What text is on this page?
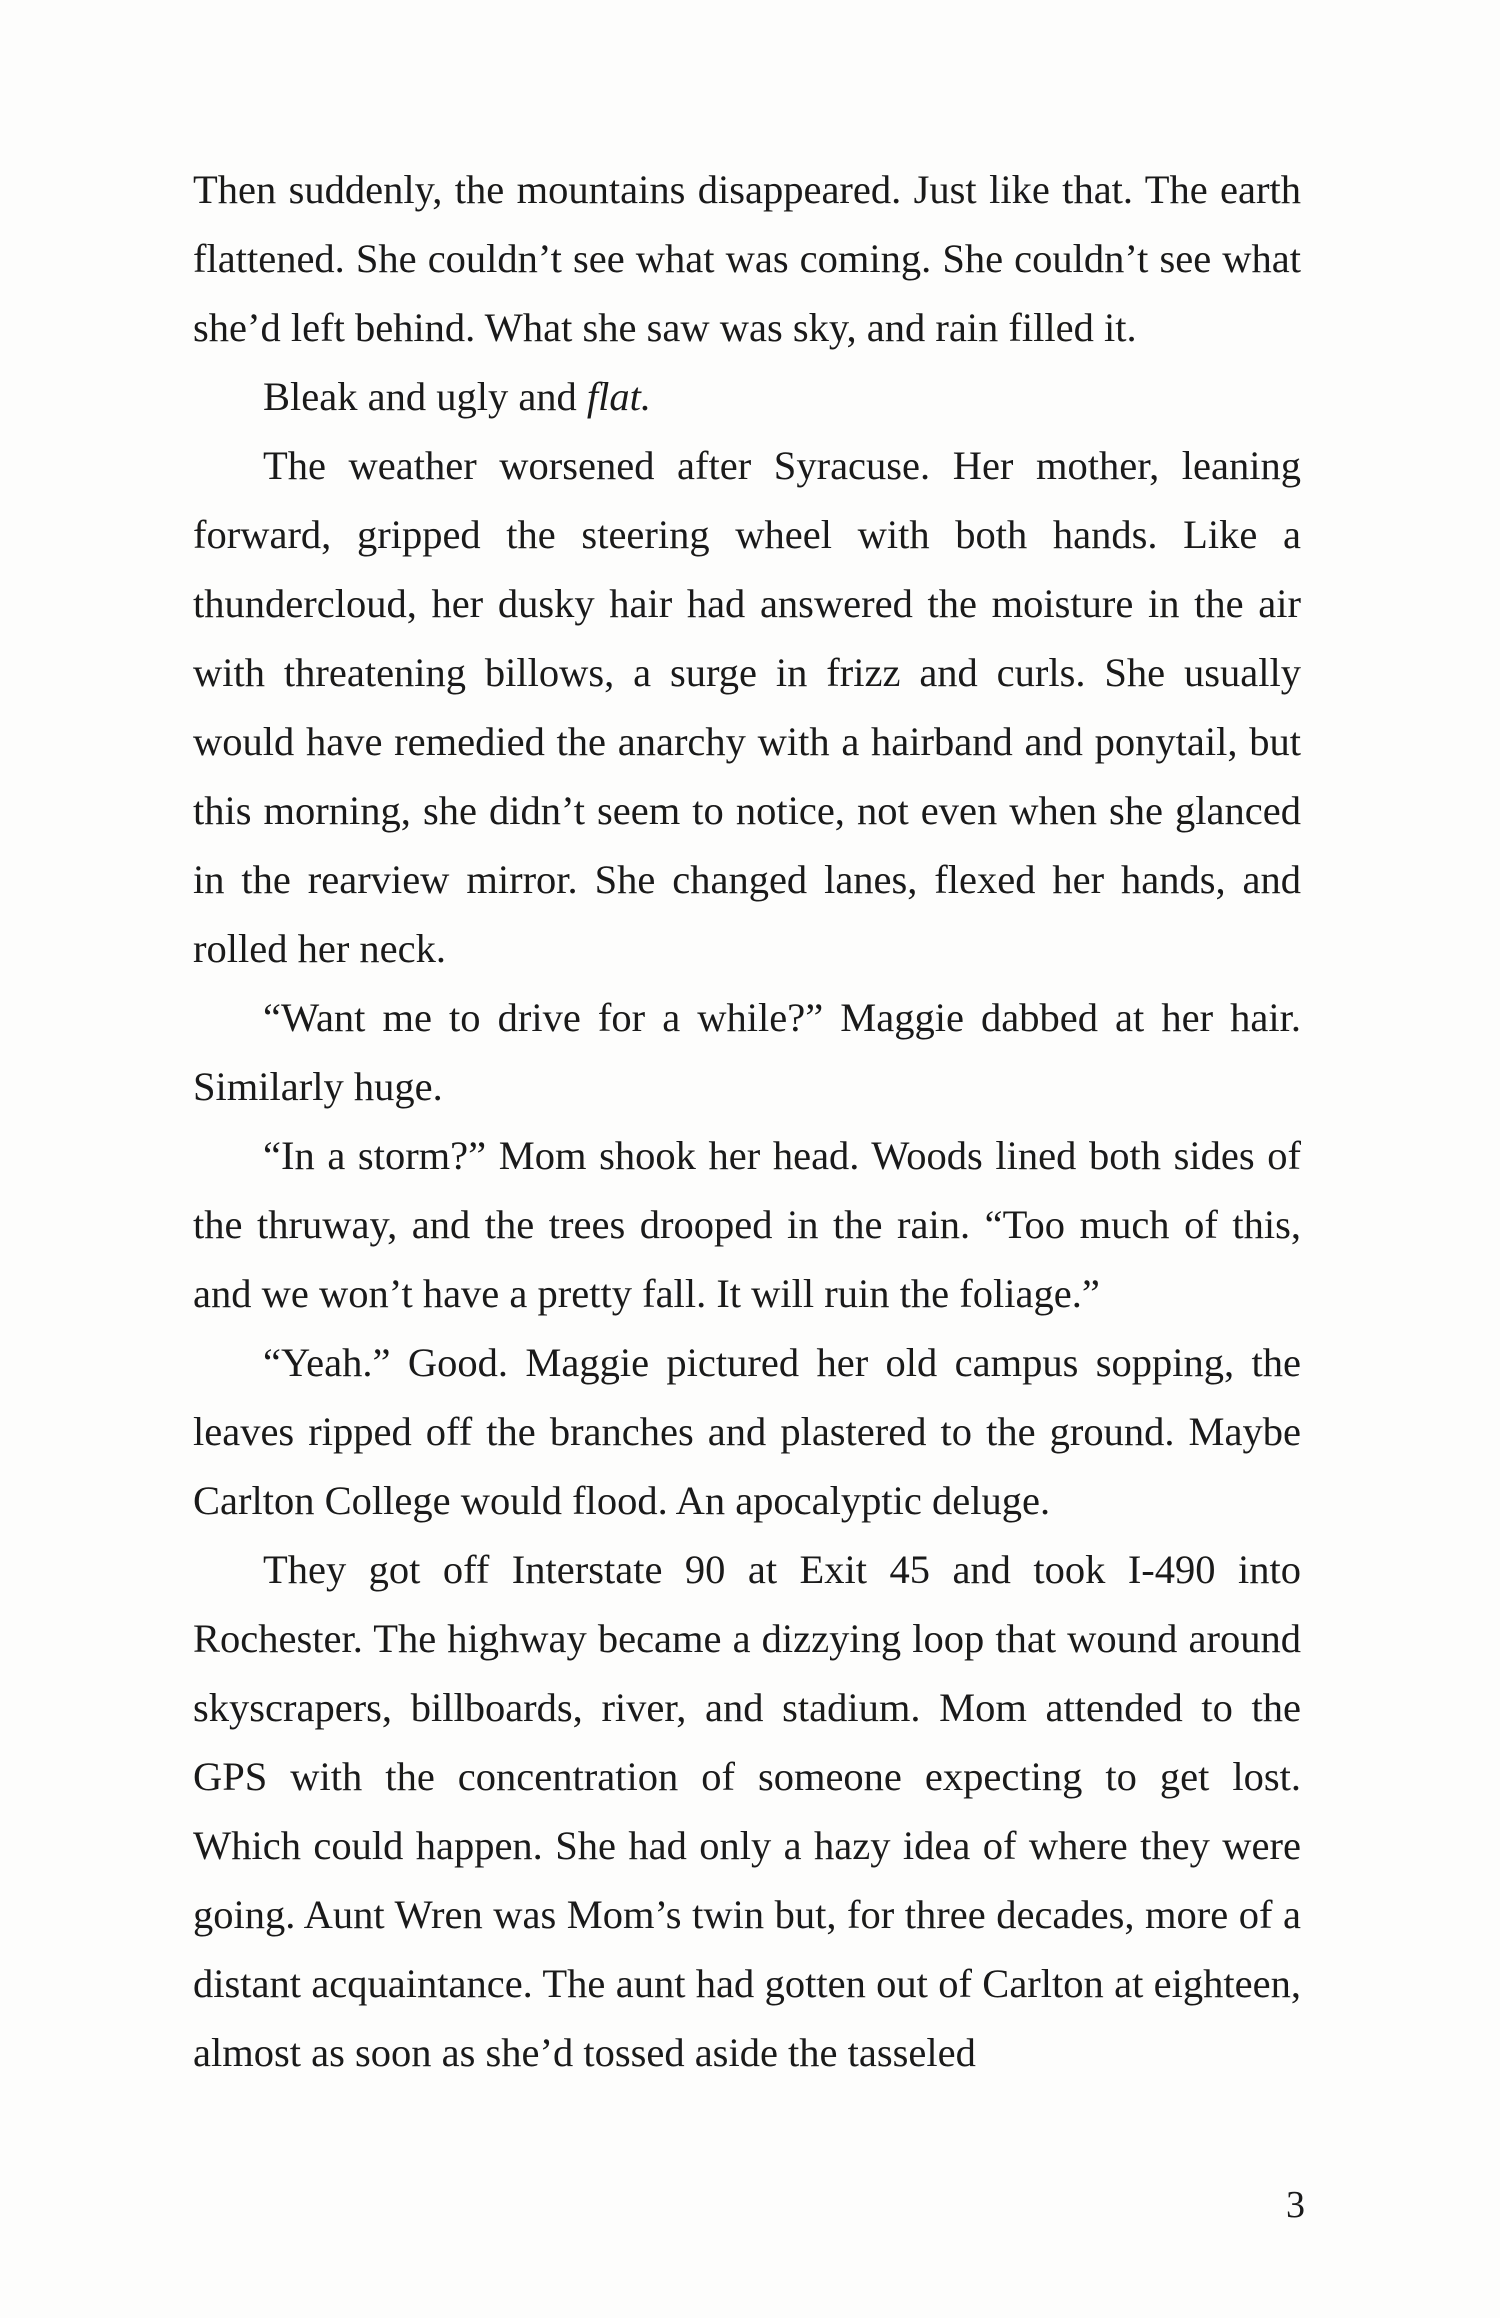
Then suddenly, the mountains disappeared. Just like that. The earth flattened. She couldn’t see what was coming. She couldn’t see what she’d left behind. What she saw was sky, and rain filled it.

Bleak and ugly and flat.

The weather worsened after Syracuse. Her mother, leaning forward, gripped the steering wheel with both hands. Like a thundercloud, her dusky hair had answered the moisture in the air with threatening billows, a surge in frizz and curls. She usually would have remedied the anarchy with a hairband and ponytail, but this morning, she didn’t seem to notice, not even when she glanced in the rearview mirror. She changed lanes, flexed her hands, and rolled her neck.

“Want me to drive for a while?” Maggie dabbed at her hair. Similarly huge.

“In a storm?” Mom shook her head. Woods lined both sides of the thruway, and the trees drooped in the rain. “Too much of this, and we won’t have a pretty fall. It will ruin the foliage.”

“Yeah.” Good. Maggie pictured her old campus sopping, the leaves ripped off the branches and plastered to the ground. Maybe Carlton College would flood. An apocalyptic deluge.

They got off Interstate 90 at Exit 45 and took I-490 into Rochester. The highway became a dizzying loop that wound around skyscrapers, billboards, river, and stadium. Mom attended to the GPS with the concentration of someone expecting to get lost. Which could happen. She had only a hazy idea of where they were going. Aunt Wren was Mom’s twin but, for three decades, more of a distant acquaintance. The aunt had gotten out of Carlton at eighteen, almost as soon as she’d tossed aside the tasseled

3
